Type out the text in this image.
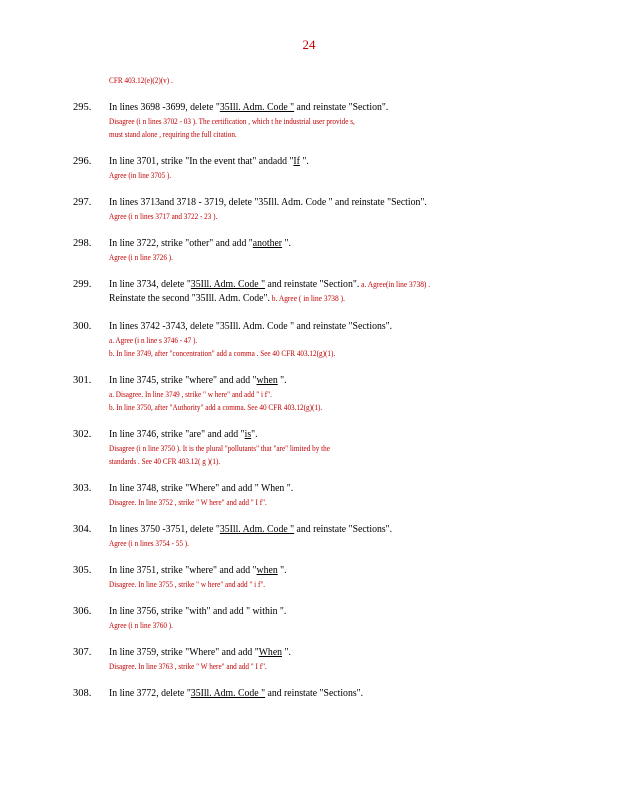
24
CFR 403.12(e)(2)(v) .
295.	In lines 3698 -3699, delete "35Ill. Adm. Code " and reinstate "Section".
Disagree (i n lines 3702 - 03 ). The certification , which t he industrial user provide s,
must stand alone , requiring the full citation.
296.	In line 3701, strike "In the event that" andadd "If ".
Agree (in line 3705 ).
297.	In lines 3713and 3718 - 3719, delete "35Ill. Adm. Code " and reinstate "Section".
Agree (i n lines 3717 and 3722 - 23 ).
298.	In line 3722, strike "other" and add "another ".
Agree (i n line 3726 ).
299.	In line 3734, delete "35Ill. Adm. Code " and reinstate "Section". a. Agree(in line 3738) .
Reinstate the second "35Ill. Adm. Code". b. Agree ( in line 3738 ).
300.	In lines 3742 -3743, delete "35Ill. Adm. Code " and reinstate "Sections".
a. Agree (i n line s 3746 - 47 ).
b. In line 3749, after "concentration" add a comma . See 40 CFR 403.12(g)(1).
301.	In line 3745, strike "where" and add "when ".
a. Disagree. In line 3749 , strike " w here" and add " i f".
b. In line 3750, after "Authority" add a comma. See 40 CFR 403.12(g)(1).
302.	In line 3746, strike "are" and add "is".
Disagree (i n line 3750 ). It is the plural "pollutants" that "are" limited by the
standards . See 40 CFR 403.12( g )(1).
303.	In line 3748, strike "Where" and add " When ".
Disagree. In line 3752 , strike " W here" and add " I f".
304.	In lines 3750 -3751, delete "35Ill. Adm. Code " and reinstate "Sections".
Agree (i n lines 3754 - 55 ).
305.	In line 3751, strike "where" and add "when ".
Disagree. In line 3755 , strike " w here" and add " i f".
306.	In line 3756, strike "with" and add " within ".
Agree (i n line 3760 ).
307.	In line 3759, strike "Where" and add "When ".
Disagree. In line 3763 , strike " W here" and add " I f".
308.	In line 3772, delete "35Ill. Adm. Code " and reinstate "Sections".
